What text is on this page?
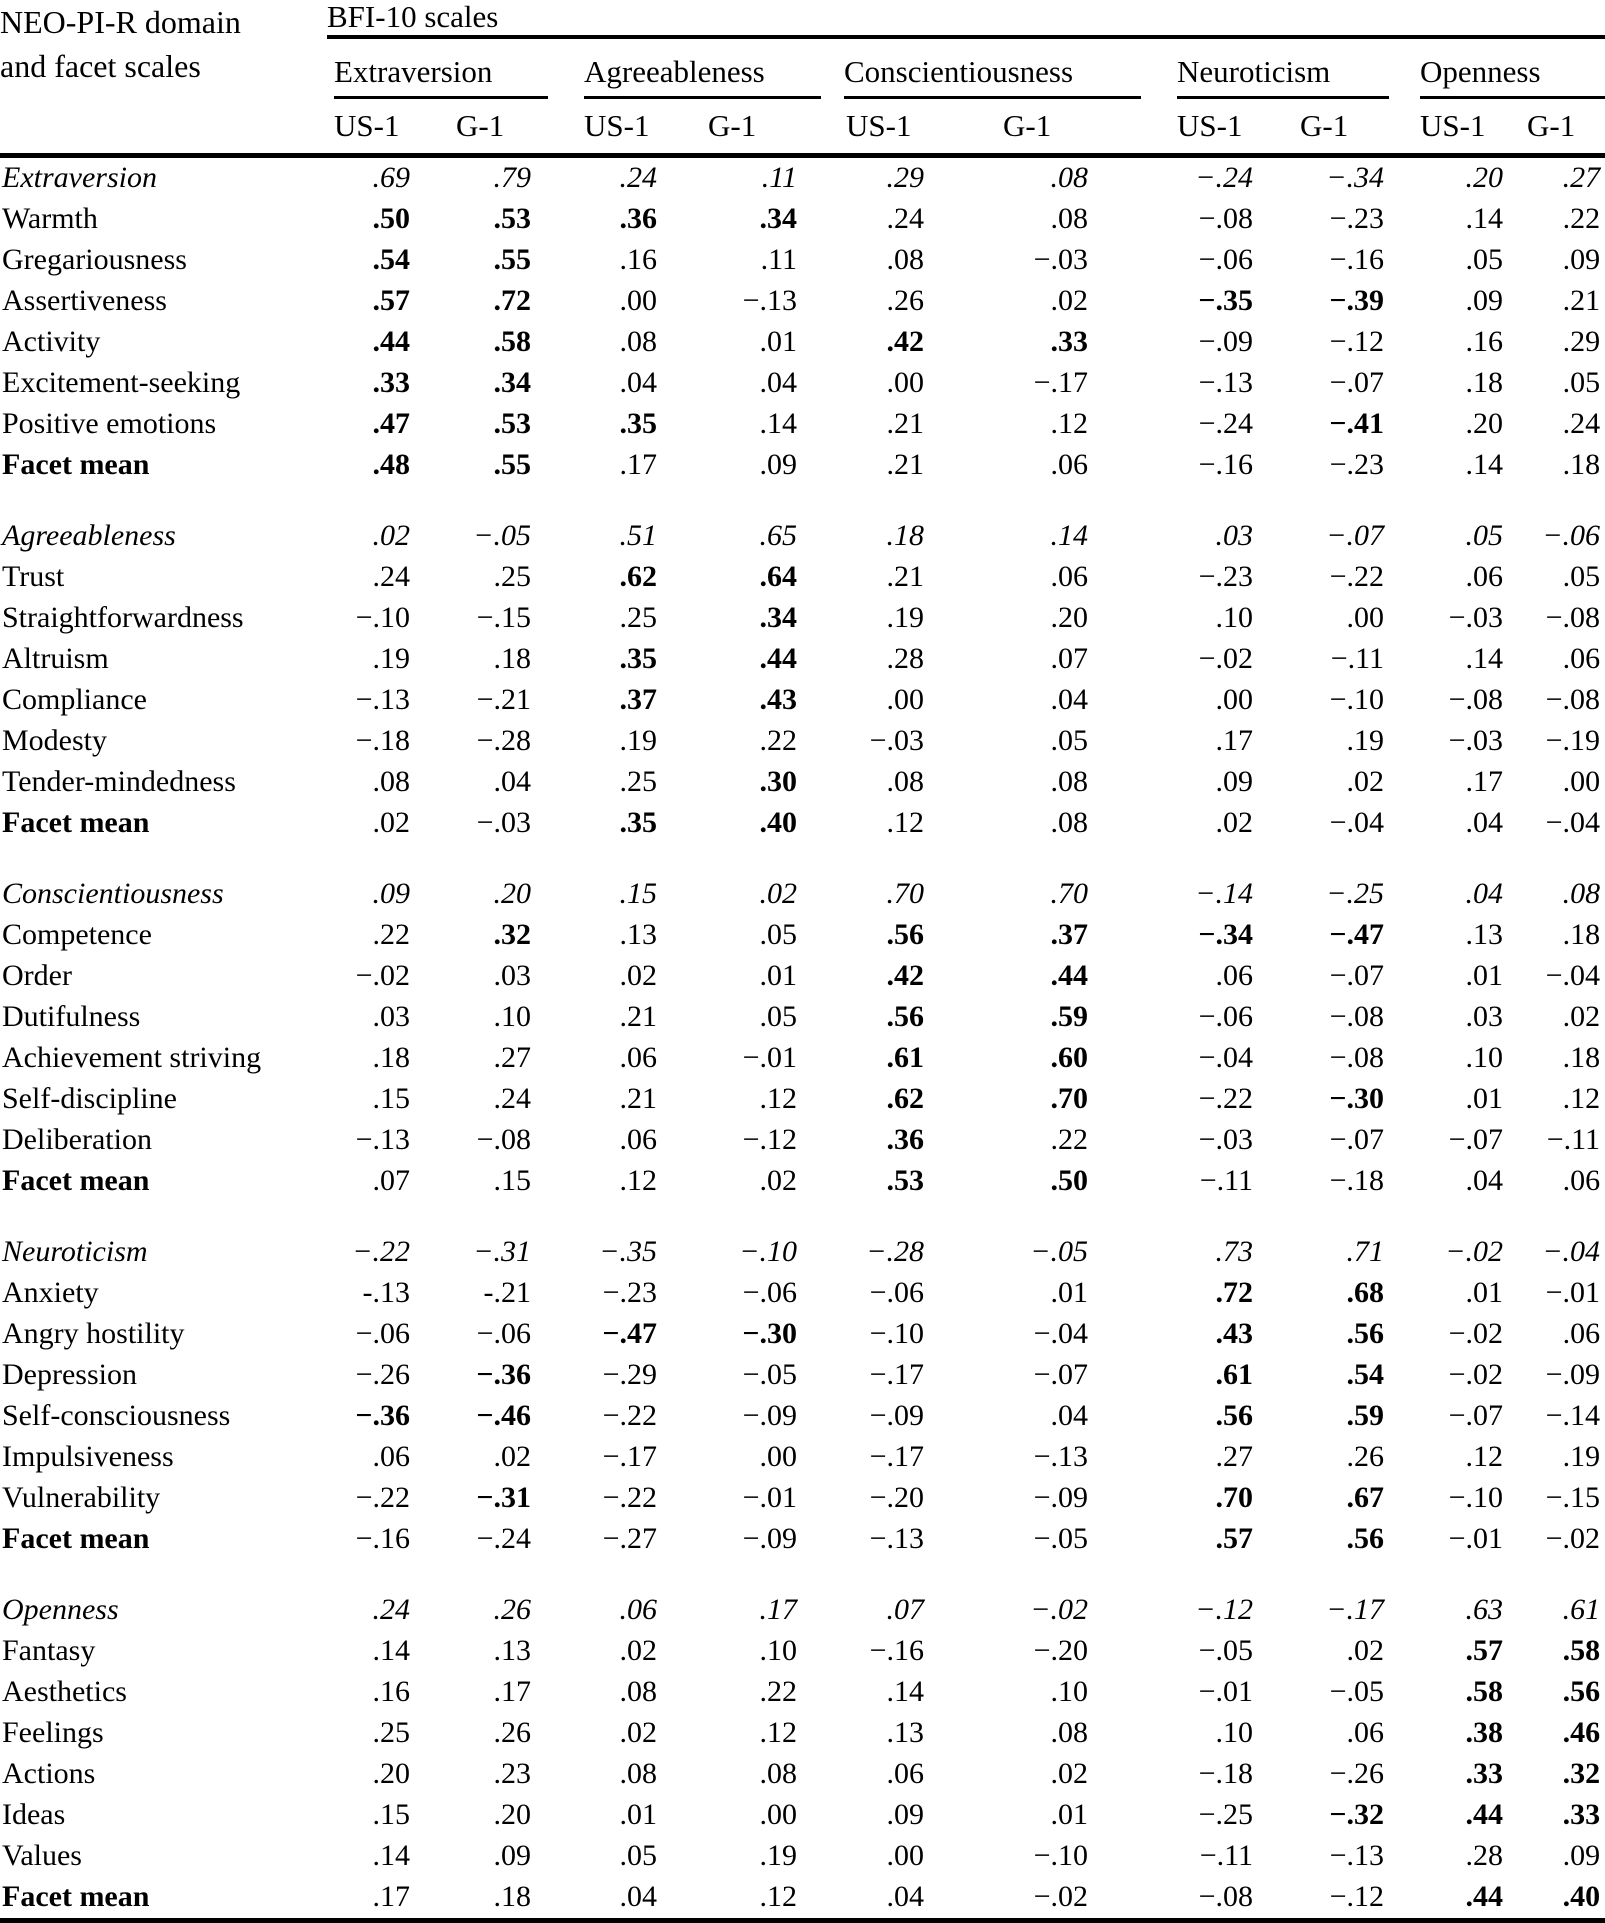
NEO-PI-R domain
and facet scales	BFI-10 scales									

	Extraversion		Agreeableness		Conscientiousness		Neuroticism		Openness	

	US-1	G-1	US-1	G-1	US-1	G-1	US-1	G-1	US-1	G-1
Extraversion	.69	.79	.24	.11	.29	.08	−.24	−.34	.20	.27
Warmth	.50	.53	.36	.34	.24	.08	−.08	−.23	.14	.22
Gregariousness	.54	.55	.16	.11	.08	−.03	−.06	−.16	.05	.09
Assertiveness	.57	.72	.00	−.13	.26	.02	−.35	−.39	.09	.21
Activity	.44	.58	.08	.01	.42	.33	−.09	−.12	.16	.29
Excitement-seeking	.33	.34	.04	.04	.00	−.17	−.13	−.07	.18	.05
Positive emotions	.47	.53	.35	.14	.21	.12	−.24	−.41	.20	.24
Facet mean	.48	.55	.17	.09	.21	.06	−.16	−.23	.14	.18

Agreeableness	.02	−.05	.51	.65	.18	.14	.03	−.07	.05	−.06
Trust	.24	.25	.62	.64	.21	.06	−.23	−.22	.06	.05
Straightforwardness	−.10	−.15	.25	.34	.19	.20	.10	.00	−.03	−.08
Altruism	.19	.18	.35	.44	.28	.07	−.02	−.11	.14	.06
Compliance	−.13	−.21	.37	.43	.00	.04	.00	−.10	−.08	−.08
Modesty	−.18	−.28	.19	.22	−.03	.05	.17	.19	−.03	−.19
Tender-mindedness	.08	.04	.25	.30	.08	.08	.09	.02	.17	.00
Facet mean	.02	−.03	.35	.40	.12	.08	.02	−.04	.04	−.04

Conscientiousness	.09	.20	.15	.02	.70	.70	−.14	−.25	.04	.08
Competence	.22	.32	.13	.05	.56	.37	−.34	−.47	.13	.18
Order	−.02	.03	.02	.01	.42	.44	.06	−.07	.01	−.04
Dutifulness	.03	.10	.21	.05	.56	.59	−.06	−.08	.03	.02
Achievement striving	.18	.27	.06	−.01	.61	.60	−.04	−.08	.10	.18
Self-discipline	.15	.24	.21	.12	.62	.70	−.22	−.30	.01	.12
Deliberation	−.13	−.08	.06	−.12	.36	.22	−.03	−.07	−.07	−.11
Facet mean	.07	.15	.12	.02	.53	.50	−.11	−.18	.04	.06

Neuroticism	−.22	−.31	−.35	−.10	−.28	−.05	.73	.71	−.02	−.04
Anxiety	-.13	-.21	−.23	−.06	−.06	.01	.72	.68	.01	−.01
Angry hostility	−.06	−.06	−.47	−.30	−.10	−.04	.43	.56	−.02	.06
Depression	−.26	−.36	−.29	−.05	−.17	−.07	.61	.54	−.02	−.09
Self-consciousness	−.36	−.46	−.22	−.09	−.09	.04	.56	.59	−.07	−.14
Impulsiveness	.06	.02	−.17	.00	−.17	−.13	.27	.26	.12	.19
Vulnerability	−.22	−.31	−.22	−.01	−.20	−.09	.70	.67	−.10	−.15
Facet mean	−.16	−.24	−.27	−.09	−.13	−.05	.57	.56	−.01	−.02

Openness	.24	.26	.06	.17	.07	−.02	−.12	−.17	.63	.61
Fantasy	.14	.13	.02	.10	−.16	−.20	−.05	.02	.57	.58
Aesthetics	.16	.17	.08	.22	.14	.10	−.01	−.05	.58	.56
Feelings	.25	.26	.02	.12	.13	.08	.10	.06	.38	.46
Actions	.20	.23	.08	.08	.06	.02	−.18	−.26	.33	.32
Ideas	.15	.20	.01	.00	.09	.01	−.25	−.32	.44	.33
Values	.14	.09	.05	.19	.00	−.10	−.11	−.13	.28	.09
Facet mean	.17	.18	.04	.12	.04	−.02	−.08	−.12	.44	.40
